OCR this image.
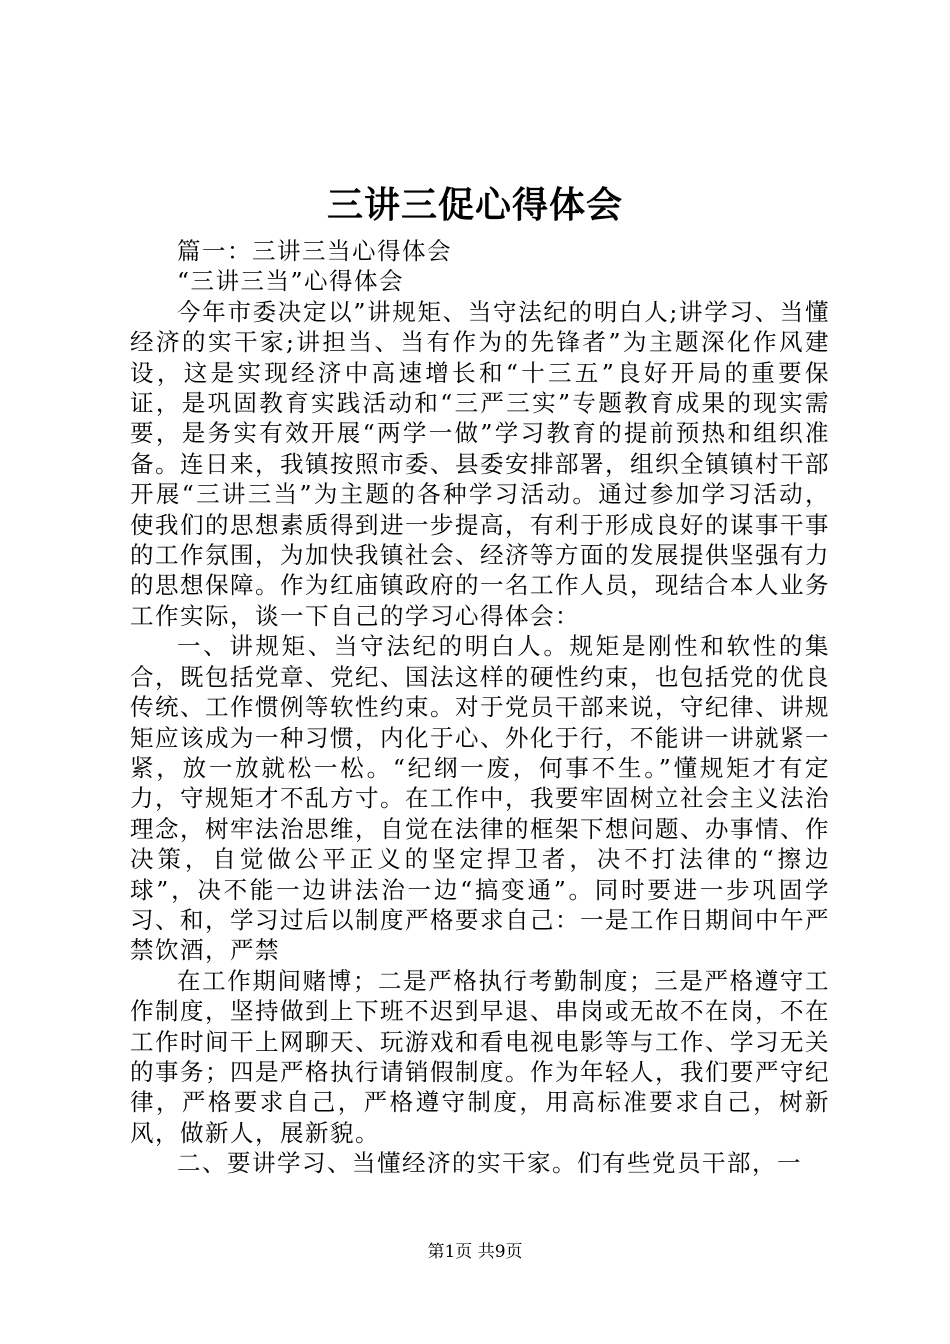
三讲三促心得体会

篇一：三讲三当心得体会

“三讲三当”心得体会

今年市委决定以”讲规矩、当守法纪的明白人;讲学习、当懂经济的实干家;讲担当、当有作为的先锋者”为主题深化作风建设，这是实现经济中高速增长和“十三五”良好开局的重要保证，是巩固教育实践活动和“三严三实”专题教育成果的现实需要，是务实有效开展“两学一做”学习教育的提前预热和组织准备。连日来，我镇按照市委、县委安排部署，组织全镇镇村干部开展“三讲三当”为主题的各种学习活动。通过参加学习活动，使我们的思想素质得到进一步提高，有利于形成良好的谋事干事的工作氛围，为加快我镇社会、经济等方面的发展提供坚强有力的思想保障。作为红庙镇政府的一名工作人员，现结合本人业务工作实际，谈一下自己的学习心得体会：

一、讲规矩、当守法纪的明白人。规矩是刚性和软性的集合，既包括党章、党纪、国法这样的硬性约束，也包括党的优良传统、工作惯例等软性约束。对于党员干部来说，守纪律、讲规矩应该成为一种习惯，内化于心、外化于行，不能讲一讲就紧一紧，放一放就松一松。“纪纲一废，何事不生。”懂规矩才有定力，守规矩才不乱方寸。在工作中，我要牢固树立社会主义法治理念，树牢法治思维，自觉在法律的框架下想问题、办事情、作决策，自觉做公平正义的坚定捍卫者，决不打法律的“擦边球”，决不能一边讲法治一边“搞变通”。同时要进一步巩固学习、和，学习过后以制度严格要求自己：一是工作日期间中午严禁饮酒，严禁

在工作期间赌博；二是严格执行考勤制度；三是严格遵守工作制度，坚持做到上下班不迟到早退、串岗或无故不在岗，不在工作时间干上网聊天、玩游戏和看电视电影等与工作、学习无关的事务；四是严格执行请销假制度。作为年轻人，我们要严守纪律，严格要求自己，严格遵守制度，用高标准要求自己，树新风，做新人，展新貌。

二、要讲学习、当懂经济的实干家。们有些党员干部，一

第1页 共9页
